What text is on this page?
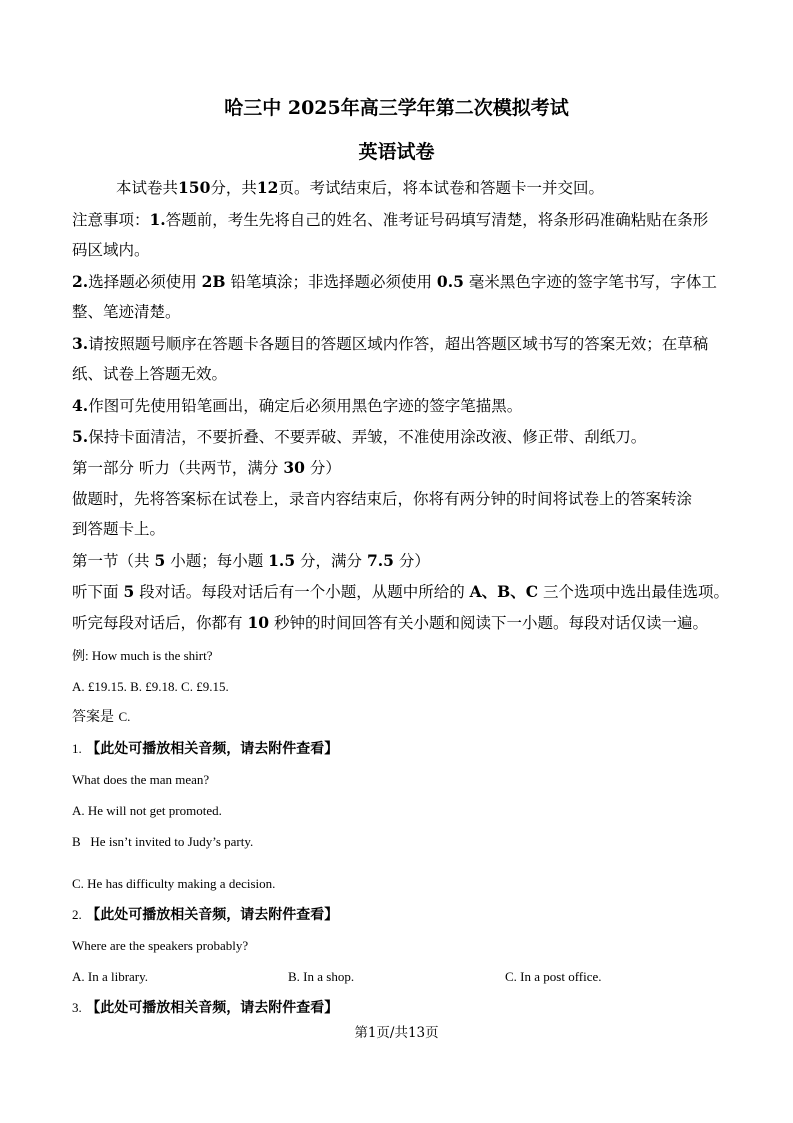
哈三中 2025年高三学年第二次模拟考试
英语试卷
本试卷共150分，共12页。考试结束后，将本试卷和答题卡一并交回。
注意事项：1.答题前，考生先将自己的姓名、准考证号码填写清楚，将条形码准确粘贴在条形
码区域内。
2.选择题必须使用 2B 铅笔填涂；非选择题必须使用 0.5 毫米黑色字迹的签字笔书写，字体工
整、笔迹清楚。
3.请按照题号顺序在答题卡各题目的答题区域内作答，超出答题区域书写的答案无效；在草稿
纸、试卷上答题无效。
4.作图可先使用铅笔画出，确定后必须用黑色字迹的签字笔描黑。
5.保持卡面清洁，不要折叠、不要弄破、弄皱，不准使用涂改液、修正带、刮纸刀。
第一部分 听力（共两节，满分 30 分）
做题时，先将答案标在试卷上，录音内容结束后，你将有两分钟的时间将试卷上的答案转涂
到答题卡上。
第一节（共 5 小题；每小题 1.5 分，满分 7.5 分）
听下面 5 段对话。每段对话后有一个小题，从题中所给的 A、B、C 三个选项中选出最佳选项。
听完每段对话后，你都有 10 秒钟的时间回答有关小题和阅读下一小题。每段对话仅读一遍。
例: How much is the shirt?
A. £19.15. B. £9.18. C. £9.15.
答案是 C.
1. 【此处可播放相关音频，请去附件查看】
What does the man mean?
A. He will not get promoted.
B   He isn’t invited to Judy’s party.
C. He has difficulty making a decision.
2. 【此处可播放相关音频，请去附件查看】
Where are the speakers probably?
A. In a library.	B. In a shop.	C. In a post office.
3. 【此处可播放相关音频，请去附件查看】
第1页/共13页
